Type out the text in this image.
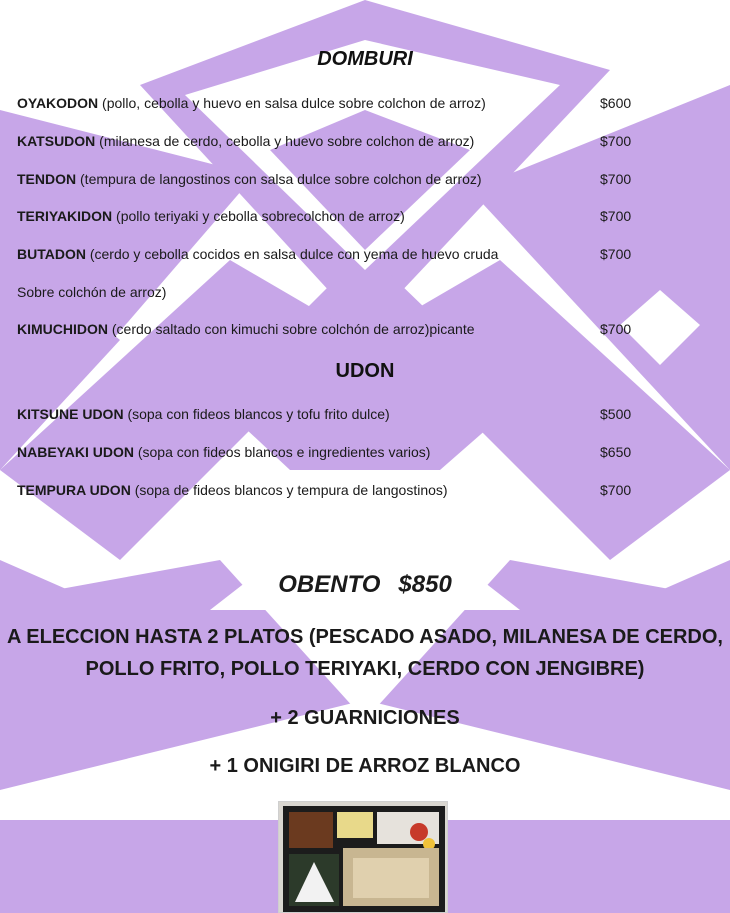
DOMBURI
OYAKODON (pollo, cebolla y huevo en salsa dulce sobre colchon de arroz)	$600
KATSUDON (milanesa de cerdo, cebolla y huevo sobre colchon de arroz)	$700
TENDON (tempura de langostinos con salsa dulce sobre colchon de arroz)	$700
TERIYAKIDON (pollo teriyaki y cebolla sobrecolchon de arroz)	$700
BUTADON (cerdo y cebolla cocidos en salsa dulce con yema de huevo cruda	$700
Sobre colchón de arroz)
KIMUCHIDON (cerdo saltado con kimuchi sobre colchón de arroz)picante	$700
UDON
KITSUNE UDON (sopa con fideos blancos y tofu frito dulce)	$500
NABEYAKI UDON (sopa con fideos blancos e ingredientes varios)	$650
TEMPURA UDON (sopa de fideos blancos y tempura de langostinos)	$700
OBENTO $850
A ELECCION HASTA 2 PLATOS (PESCADO ASADO, MILANESA DE CERDO,
POLLO FRITO, POLLO TERIYAKI, CERDO CON JENGIBRE)
+ 2 GUARNICIONES
+ 1 ONIGIRI DE ARROZ BLANCO
